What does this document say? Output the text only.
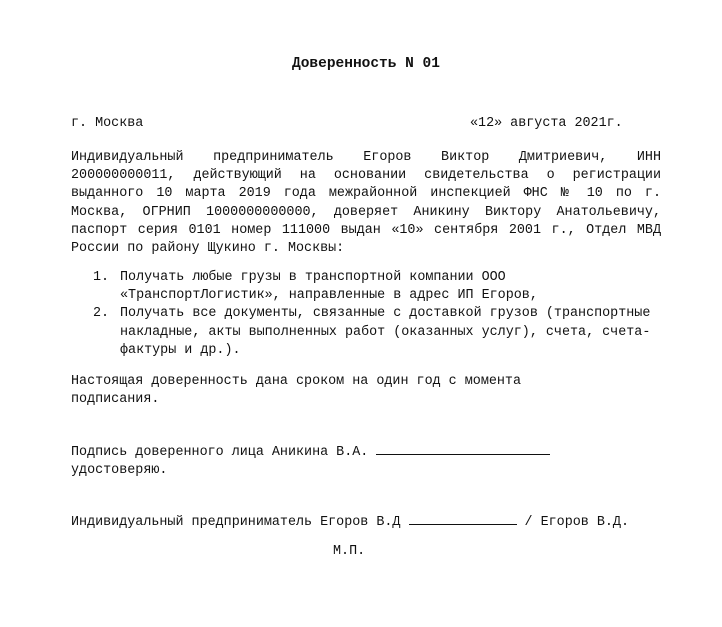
Доверенность N 01
г. Москва	«12» августа 2021г.
Индивидуальный предприниматель Егоров Виктор Дмитриевич, ИНН 200000000011, действующий на основании свидетельства о регистрации выданного 10 марта 2019 года межрайонной инспекцией ФНС № 10 по г. Москва, ОГРНИП 1000000000000, доверяет Аникину Виктору Анатольевичу, паспорт серия 0101 номер 111000 выдан «10» сентября 2001 г., Отдел МВД России по району Щукино г. Москвы:
1. Получать любые грузы в транспортной компании ООО «ТранспортЛогистик», направленные в адрес ИП Егоров,
2. Получать все документы, связанные с доставкой грузов (транспортные накладные, акты выполненных работ (оказанных услуг), счета, счета-фактуры и др.).
Настоящая доверенность дана сроком на один год с момента подписания.
Подпись доверенного лица Аникина В.А.
удостоверяю.
Индивидуальный предприниматель Егоров В.Д	/ Егоров В.Д.
М.П.
